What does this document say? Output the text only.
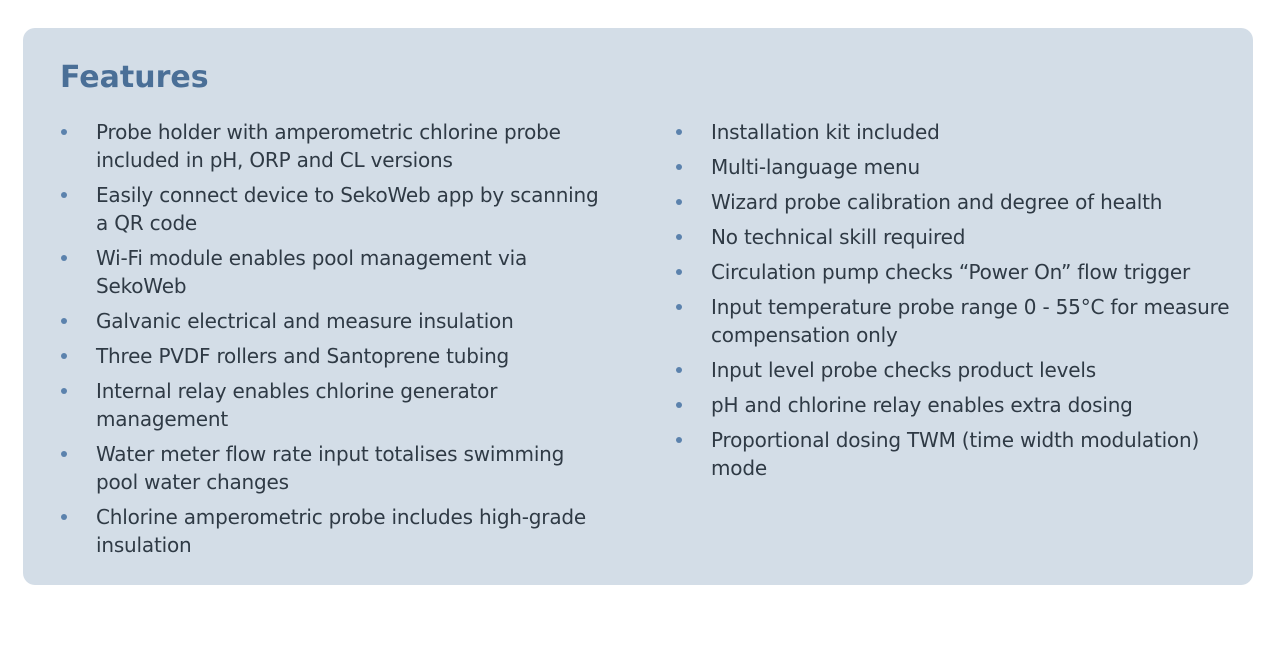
Features
Probe holder with amperometric chlorine probe included in pH, ORP and CL versions
Easily connect device to SekoWeb app by scanning a QR code
Wi-Fi module enables pool management via SekoWeb
Galvanic electrical and measure insulation
Three PVDF rollers and Santoprene tubing
Internal relay enables chlorine generator management
Water meter flow rate input totalises swimming pool water changes
Chlorine amperometric probe includes high-grade insulation
Installation kit included
Multi-language menu
Wizard probe calibration and degree of health
No technical skill required
Circulation pump checks “Power On” flow trigger
Input temperature probe range 0 - 55°C for measure compensation only
Input level probe checks product levels
pH and chlorine relay enables extra dosing
Proportional dosing TWM (time width modulation) mode
